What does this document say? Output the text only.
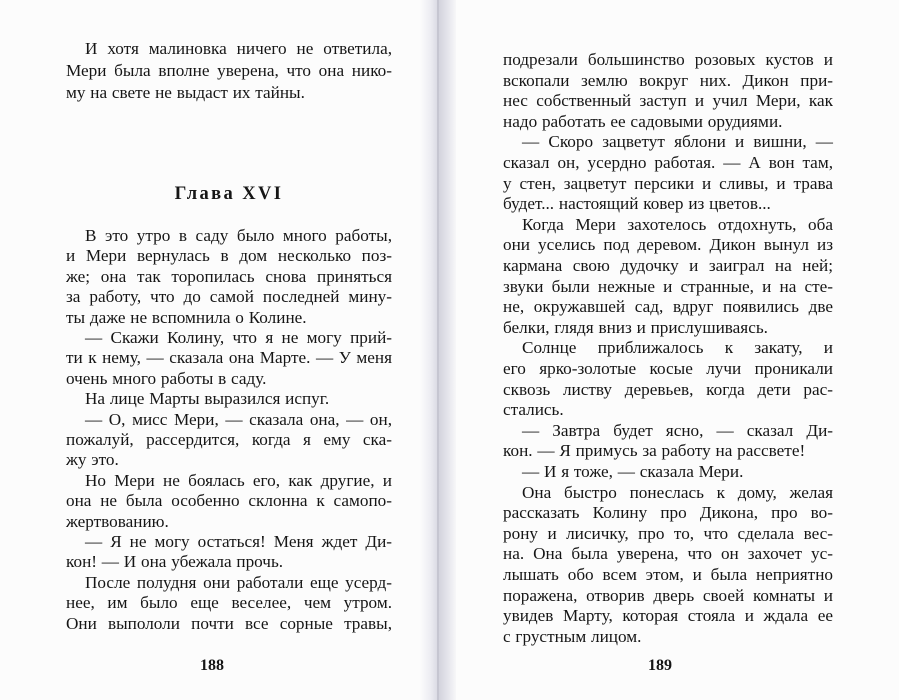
И хотя малиновка ничего не ответила,
Мери была вполне уверена, что она нико-
му на свете не выдаст их тайны.
Глава XVI
В это утро в саду было много работы,
и Мери вернулась в дом несколько поз-
же; она так торопилась снова приняться
за работу, что до самой последней мину-
ты даже не вспомнила о Колине.
— Скажи Колину, что я не могу прий-
ти к нему, — сказала она Марте. — У меня
очень много работы в саду.
На лице Марты выразился испуг.
— О, мисс Мери, — сказала она, — он,
пожалуй, рассердится, когда я ему ска-
жу это.
Но Мери не боялась его, как другие, и
она не была особенно склонна к самопо-
жертвованию.
— Я не могу остаться! Меня ждет Ди-
кон! — И она убежала прочь.
После полудня они работали еще усерд-
нее, им было еще веселее, чем утром.
188
Они выпололи почти все сорные травы,
подрезали большинство розовых кустов и
вскопали землю вокруг них. Дикон при-
нес собственный заступ и учил Мери, как
надо работать ее садовыми орудиями.
— Скоро зацветут яблони и вишни, —
сказал он, усердно работая. — А вон там,
у стен, зацветут персики и сливы, и трава
будет... настоящий ковер из цветов...
Когда Мери захотелось отдохнуть, оба
они уселись под деревом. Дикон вынул из
кармана свою дудочку и заиграл на ней;
звуки были нежные и странные, и на сте-
не, окружавшей сад, вдруг появились две
белки, глядя вниз и прислушиваясь.
Солнце приближалось к закату, и
его ярко-золотые косые лучи проникали
сквозь листву деревьев, когда дети рас-
стались.
— Завтра будет ясно, — сказал Ди-
кон. — Я примусь за работу на рассвете!
— И я тоже, — сказала Мери.
Она быстро понеслась к дому, желая
рассказать Колину про Дикона, про во-
рону и лисичку, про то, что сделала вес-
на. Она была уверена, что он захочет ус-
лышать обо всем этом, и была неприятно
189
поражена, отворив дверь своей комнаты и
увидев Марту, которая стояла и ждала ее
с грустным лицом.
